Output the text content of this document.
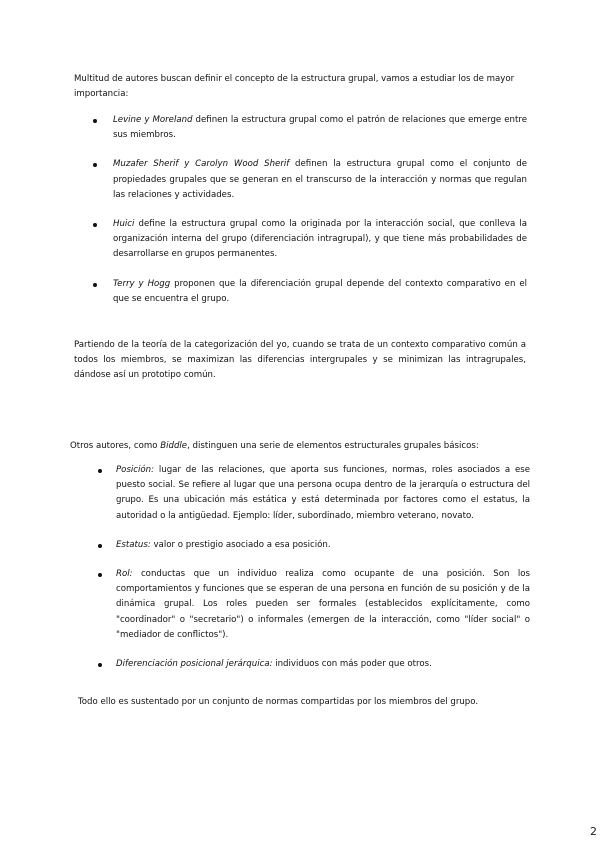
Multitud de autores buscan definir el concepto de la estructura grupal, vamos a estudiar los de mayor importancia:

Levine y Moreland definen la estructura grupal como el patrón de relaciones que emerge entre sus miembros.
Muzafer Sherif y Carolyn Wood Sherif definen la estructura grupal como el conjunto de propiedades grupales que se generan en el transcurso de la interacción y normas que regulan las relaciones y actividades.
Huici define la estructura grupal como la originada por la interacción social, que conlleva la organización interna del grupo (diferenciación intragrupal), y que tiene más probabilidades de desarrollarse en grupos permanentes.
Terry y Hogg proponen que la diferenciación grupal depende del contexto comparativo en el que se encuentra el grupo.

Partiendo de la teoría de la categorización del yo, cuando se trata de un contexto comparativo común a todos los miembros, se maximizan las diferencias intergrupales y se minimizan las intragrupales, dándose así un prototipo común.

Otros autores, como Biddle, distinguen una serie de elementos estructurales grupales básicos:

Posición: lugar de las relaciones, que aporta sus funciones, normas, roles asociados a ese puesto social. Se refiere al lugar que una persona ocupa dentro de la jerarquía o estructura del grupo. Es una ubicación más estática y está determinada por factores como el estatus, la autoridad o la antigüedad. Ejemplo: líder, subordinado, miembro veterano, novato.
Estatus: valor o prestigio asociado a esa posición.
Rol: conductas que un individuo realiza como ocupante de una posición. Son los comportamientos y funciones que se esperan de una persona en función de su posición y de la dinámica grupal. Los roles pueden ser formales (establecidos explícitamente, como "coordinador" o "secretario") o informales (emergen de la interacción, como "líder social" o "mediador de conflictos").
Diferenciación posicional jerárquica: individuos con más poder que otros.

Todo ello es sustentado por un conjunto de normas compartidas por los miembros del grupo.

2
